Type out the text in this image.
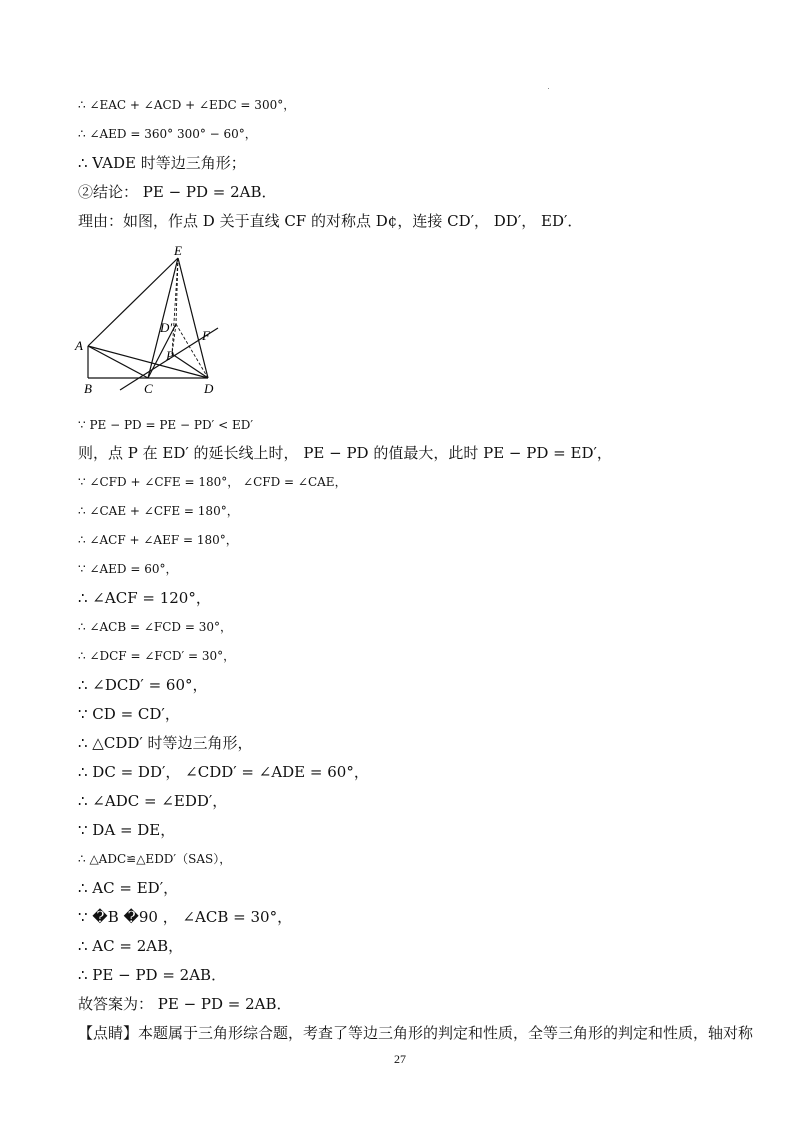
∴ ∠EAC + ∠ACD + ∠EDC = 300°，
∴ ∠AED = 360° 300° − 60°，
∴ VADE 时等边三角形；
②结论： PE − PD = 2AB．
理由：如图，作点 D 关于直线 CF 的对称点 D¢，连接 CD′， DD′， ED′．
∵ PE − PD = PE − PD′ < ED′
则，点 P 在 ED′ 的延长线上时， PE − PD 的值最大，此时 PE − PD = ED′，
∵ ∠CFD + ∠CFE = 180°， ∠CFD = ∠CAE，
∴ ∠CAE + ∠CFE = 180°，
∴ ∠ACF + ∠AEF = 180°，
∵ ∠AED = 60°，
∴ ∠ACF = 120°，
∴ ∠ACB = ∠FCD = 30°，
∴ ∠DCF = ∠FCD′ = 30°，
∴ ∠DCD′ = 60°，
∵ CD = CD′，
∴ △CDD′ 时等边三角形，
∴ DC = DD′， ∠CDD′ = ∠ADE = 60°，
∴ ∠ADC = ∠EDD′，
∵ DA = DE，
∴ △ADC≌△EDD′（SAS），
∴ AC = ED′，
∵ �B �90 ， ∠ACB = 30°，
∴ AC = 2AB，
∴ PE − PD = 2AB．
故答案为： PE − PD = 2AB．
【点睛】本题属于三角形综合题，考查了等边三角形的判定和性质，全等三角形的判定和性质，轴对称
E
D′
F
A
P
B	C	D
27
